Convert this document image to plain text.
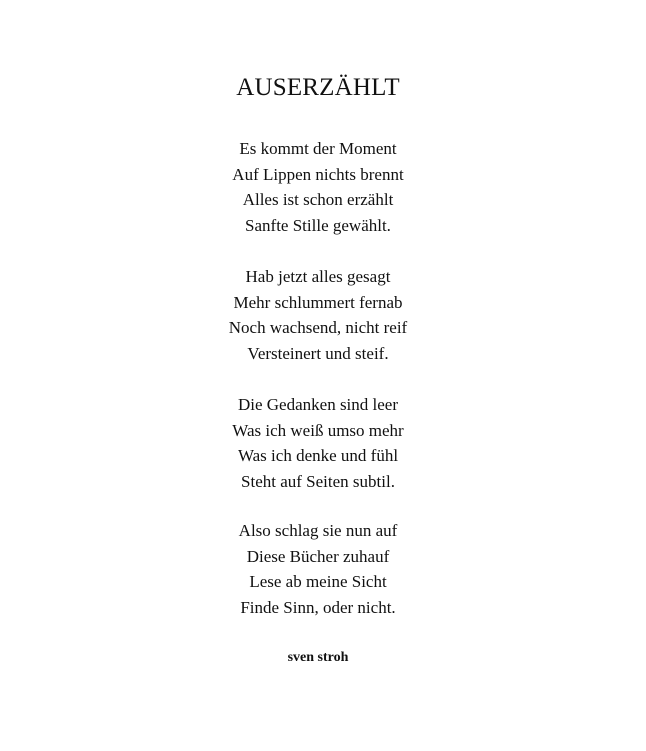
AUSERZÄHLT
Es kommt der Moment
Auf Lippen nichts brennt
Alles ist schon erzählt
Sanfte Stille gewählt.
Hab jetzt alles gesagt
Mehr schlummert fernab
Noch wachsend, nicht reif
Versteinert und steif.
Die Gedanken sind leer
Was ich weiß umso mehr
Was ich denke und fühl
Steht auf Seiten subtil.
Also schlag sie nun auf
Diese Bücher zuhauf
Lese ab meine Sicht
Finde Sinn, oder nicht.
sven stroh
